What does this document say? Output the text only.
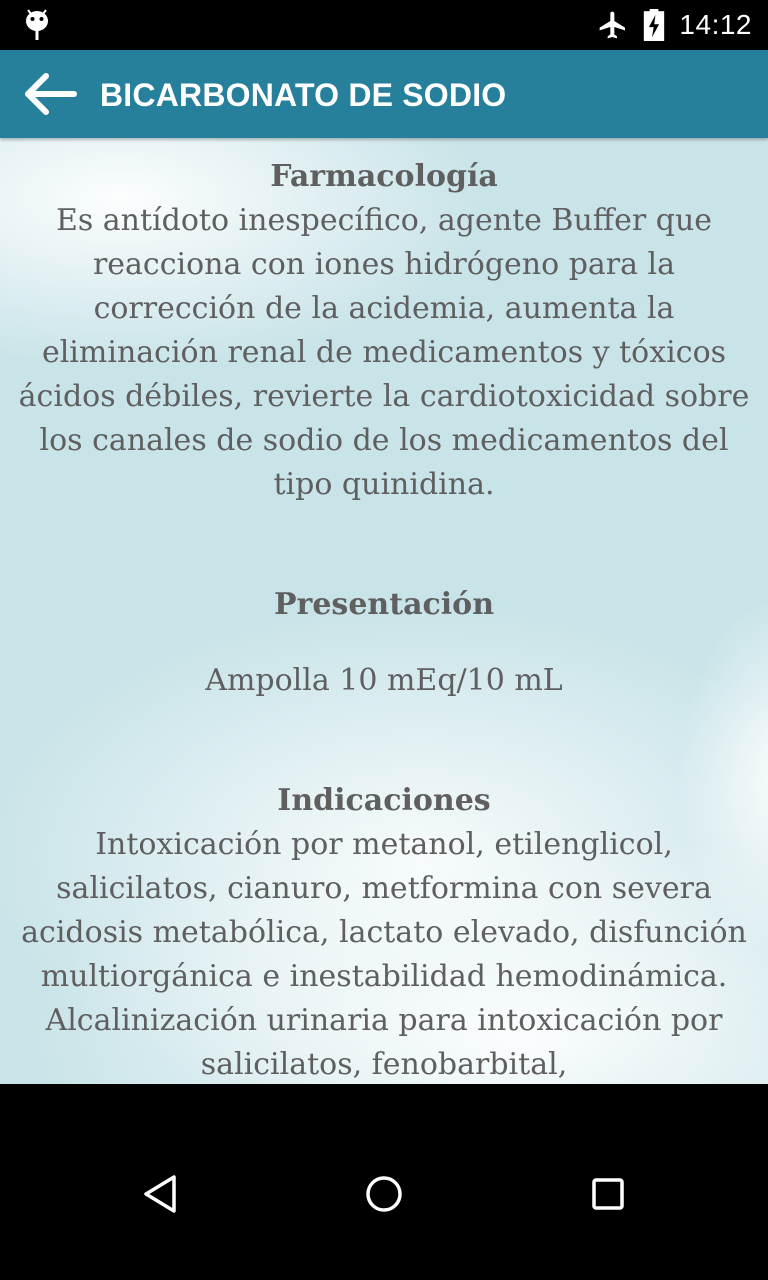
14:12
BICARBONATO DE SODIO

Farmacología

Es antídoto inespecífico, agente Buffer que
reacciona con iones hidrógeno para la
corrección de la acidemia, aumenta la
eliminación renal de medicamentos y tóxicos
ácidos débiles, revierte la cardiotoxicidad sobre
los canales de sodio de los medicamentos del
tipo quinidina.

Presentación

Ampolla 10 mEq/10 mL

Indicaciones

Intoxicación por metanol, etilenglicol,
salicilatos, cianuro, metformina con severa
acidosis metabólica, lactato elevado, disfunción
multiorgánica e inestabilidad hemodinámica.
Alcalinización urinaria para intoxicación por
salicilatos, fenobarbital,
